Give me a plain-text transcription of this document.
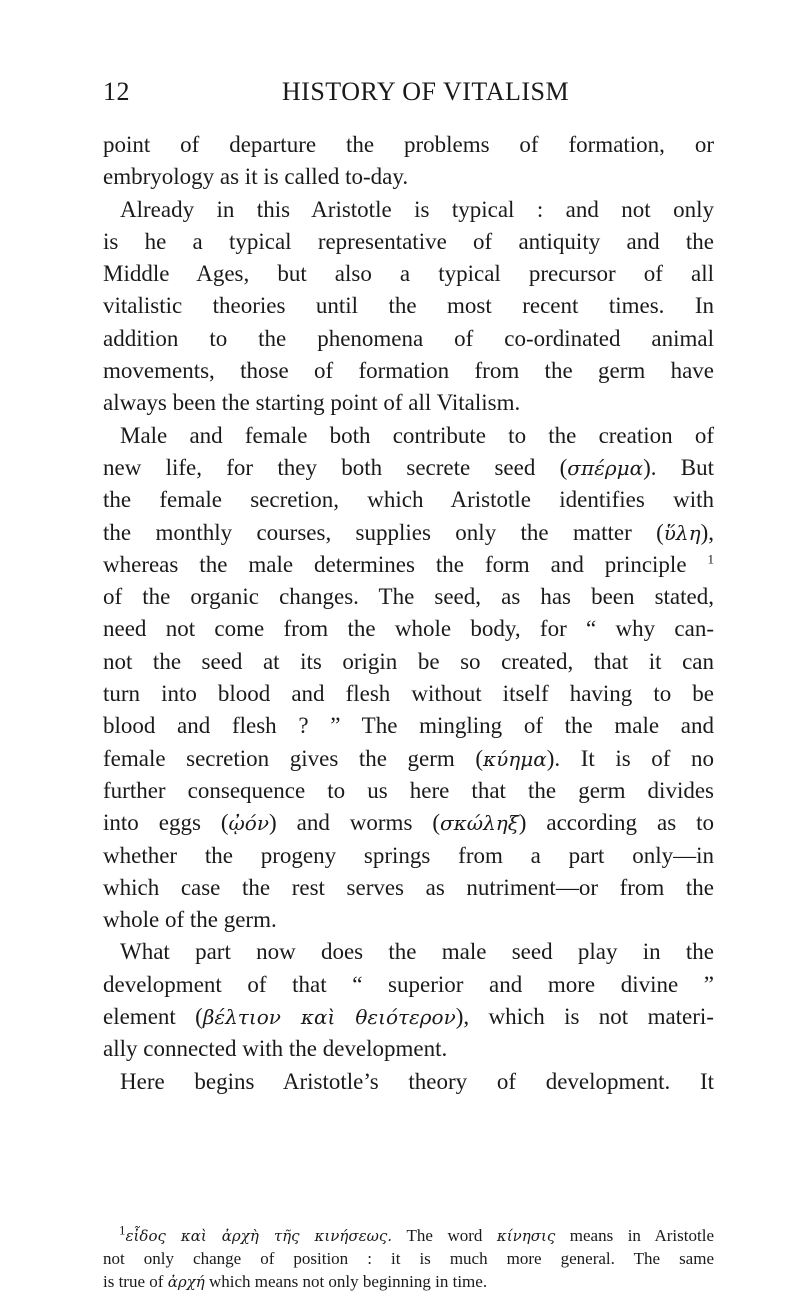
12	HISTORY OF VITALISM
point of departure the problems of formation, or
embryology as it is called to-day.
Already in this Aristotle is typical : and not only
is he a typical representative of antiquity and the
Middle Ages, but also a typical precursor of all
vitalistic theories until the most recent times. In
addition to the phenomena of co-ordinated animal
movements, those of formation from the germ have
always been the starting point of all Vitalism.
Male and female both contribute to the creation of
new life, for they both secrete seed (σπέρμα). But
the female secretion, which Aristotle identifies with
the monthly courses, supplies only the matter (ὕλη),
whereas the male determines the form and principle $^1$
of the organic changes. The seed, as has been stated,
need not come from the whole body, for “ why can-
not the seed at its origin be so created, that it can
turn into blood and flesh without itself having to be
blood and flesh ? ” The mingling of the male and
female secretion gives the germ (κύημα). It is of no
further consequence to us here that the germ divides
into eggs (ᾠόν) and worms (σκώληξ) according as to
whether the progeny springs from a part only—in
which case the rest serves as nutriment—or from the
whole of the germ.
What part now does the male seed play in the
development of that “ superior and more divine ”
element (βέλτιον καὶ θειότερον), which is not materi-
ally connected with the development.
Here begins Aristotle’s theory of development. It
$^1$εἶδος καὶ ἀρχὴ τῆς κινήσεως. The word κίνησις means in Aristotle
not only change of position : it is much more general. The same
is true of ἀρχή which means not only beginning in time.
